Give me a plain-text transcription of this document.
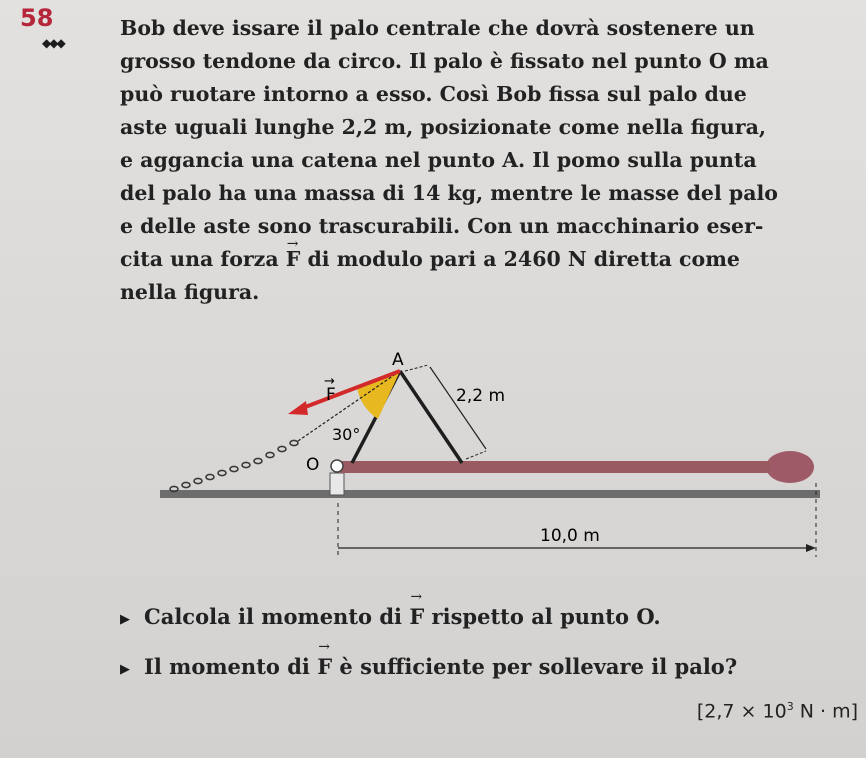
58
◆◆◆
Bob deve issare il palo centrale che dovrà sostenere un
grosso tendone da circo. Il palo è fissato nel punto O ma
può ruotare intorno a esso. Così Bob fissa sul palo due
aste uguali lunghe 2,2 m, posizionate come nella figura,
e aggancia una catena nel punto A. Il pomo sulla punta
del palo ha una massa di 14 kg, mentre le masse del palo
e delle aste sono trascurabili. Con un macchinario eser-
cita una forza → F di modulo pari a 2460 N diretta come
nella figura.
A
F
→
2,2 m
30°
O
10,0 m
▶ Calcola il momento di → F rispetto al punto O.
▶ Il momento di → F è sufficiente per sollevare il palo?
[$2,7 \times 10^3$ N · m]
